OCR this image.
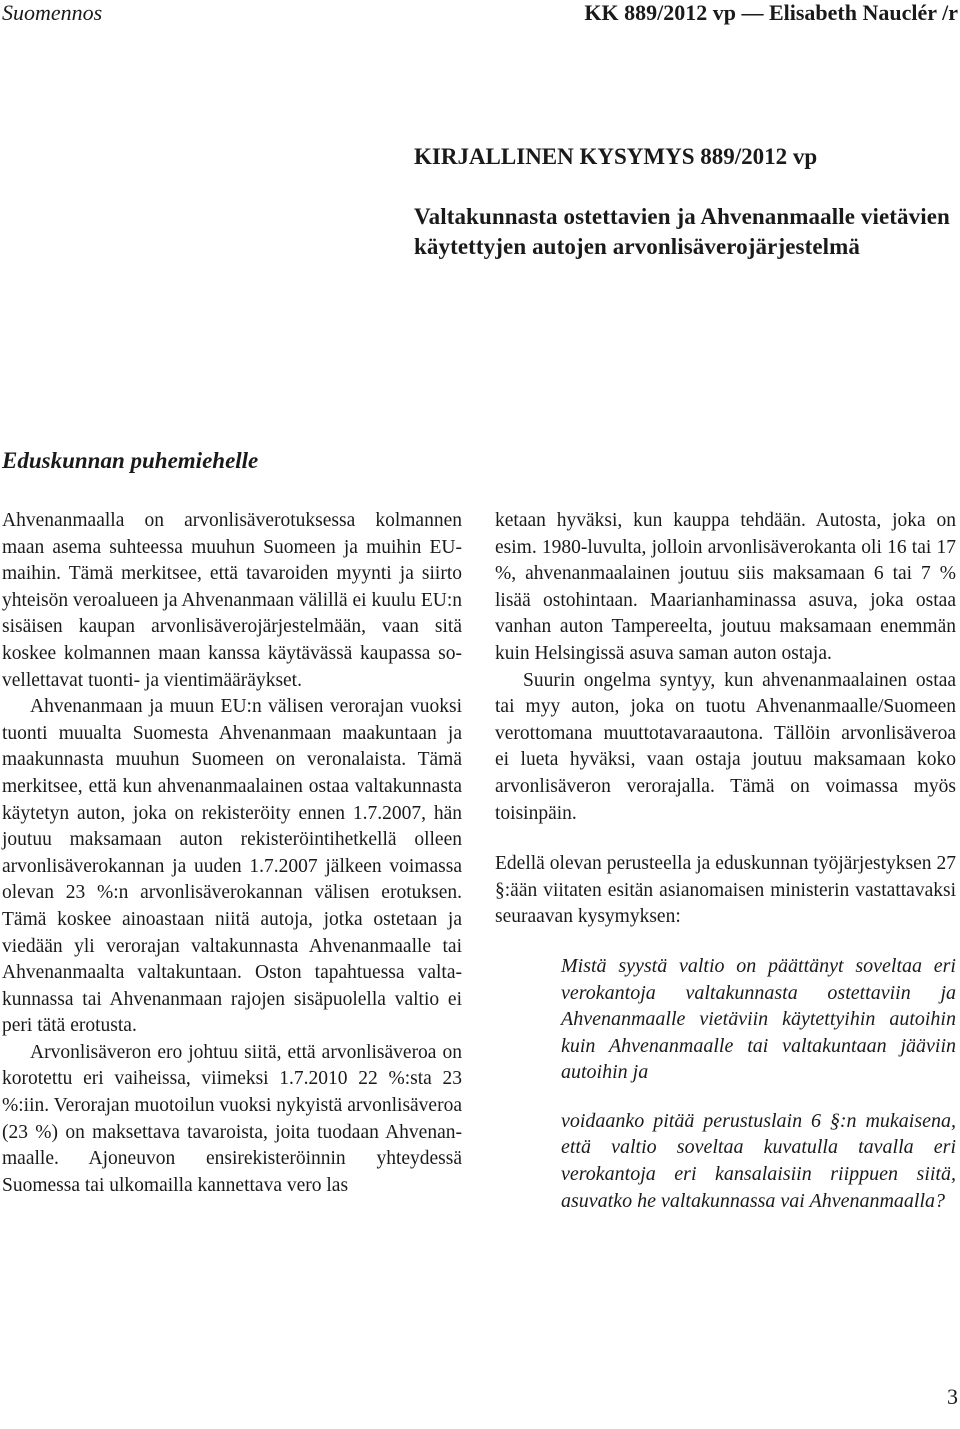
Suomennos	KK 889/2012 vp — Elisabeth Nauclér /r
KIRJALLINEN KYSYMYS 889/2012 vp
Valtakunnasta ostettavien ja Ahvenanmaalle vietävien käytettyjen autojen arvonlisäverojärjestelmä
Eduskunnan puhemiehelle

Ahvenanmaalla on arvonlisäverotuksessa kolmannen maan asema suhteessa muuhun Suomeen ja muihin EU-maihin. Tämä merkitsee, että tavaroiden myynti ja siirto yhteisön veroalueen ja Ahvenanmaan välillä ei kuulu EU:n sisäisen kaupan arvonlisäverojärjestelmään, vaan sitä koskee kolmannen maan kanssa käytävässä kaupassa sovellettavat tuonti- ja vientimääräykset.

Ahvenanmaan ja muun EU:n välisen verorajan vuoksi tuonti muualta Suomesta Ahvenanmaan maakuntaan ja maakunnasta muuhun Suomeen on veronalaista. Tämä merkitsee, että kun ahvenanmaalainen ostaa valtakunnasta käytetyn auton, joka on rekisteröity ennen 1.7.2007, hän joutuu maksamaan auton rekisteröintihetkellä olleen arvonlisäverokannan ja uuden 1.7.2007 jälkeen voimassa olevan 23 %:n arvonlisäverokannan välisen erotuksen. Tämä koskee ainoastaan niitä autoja, jotka ostetaan ja viedään yli verorajan valtakunnasta Ahvenanmaalle tai Ahvenanmaalta valtakuntaan. Oston tapahtuessa valtakunnassa tai Ahvenanmaan rajojen sisäpuolella valtio ei peri tätä erotusta.

Arvonlisäveron ero johtuu siitä, että arvonlisäveroa on korotettu eri vaiheissa, viimeksi 1.7.2010 22 %:sta 23 %:iin. Verorajan muotoilun vuoksi nykyistä arvonlisäveroa (23 %) on maksettava tavaroista, joita tuodaan Ahvenanmaalle. Ajoneuvon ensirekisteröinnin yhteydessä Suomessa tai ulkomailla kannettava vero las

ketaan hyväksi, kun kauppa tehdään. Autosta, joka on esim. 1980-luvulta, jolloin arvonlisäverokanta oli 16 tai 17 %, ahvenanmaalainen joutuu siis maksamaan 6 tai 7 % lisää ostohintaan. Maarianhaminassa asuva, joka ostaa vanhan auton Tampereelta, joutuu maksamaan enemmän kuin Helsingissä asuva saman auton ostaja.

Suurin ongelma syntyy, kun ahvenanmaalainen ostaa tai myy auton, joka on tuotu Ahvenanmaalle/Suomeen verottomana muuttotavaraautona. Tällöin arvonlisäveroa ei lueta hyväksi, vaan ostaja joutuu maksamaan koko arvonlisäveron verorajalla. Tämä on voimassa myös toisinpäin.

Edellä olevan perusteella ja eduskunnan työjärjestyksen 27 §:ään viitaten esitän asianomaisen ministerin vastattavaksi seuraavan kysymyksen:

Mistä syystä valtio on päättänyt soveltaa eri verokantoja valtakunnasta ostettaviin ja Ahvenanmaalle vietäviin käytettyihin autoihin kuin Ahvenanmaalle tai valtakuntaan jääviin autoihin ja

voidaanko pitää perustuslain 6 §:n mukaisena, että valtio soveltaa kuvatulla tavalla eri verokantoja eri kansalaisiin riippuen siitä, asuvatko he valtakunnassa vai Ahvenanmaalla?

3
